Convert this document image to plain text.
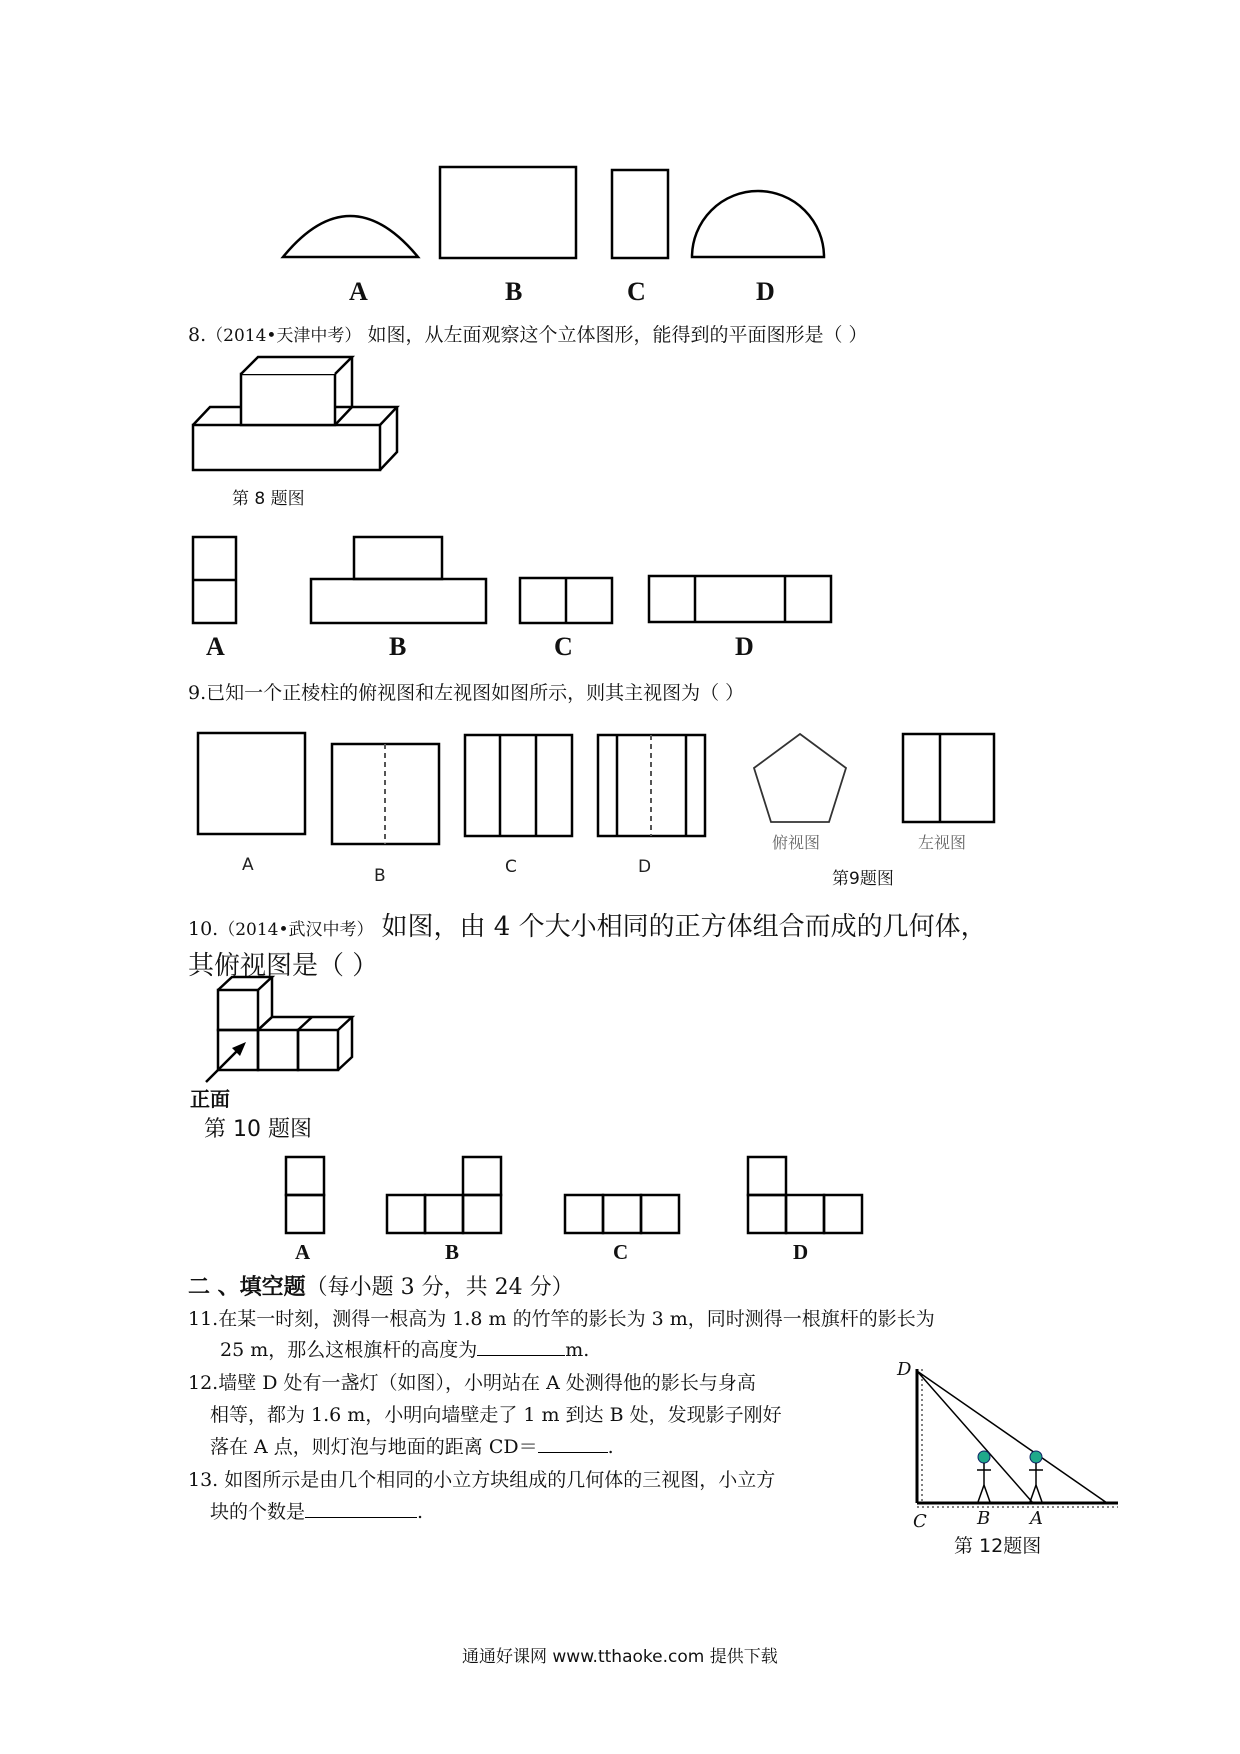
A	B	C	D
8.（2014•天津中考） 如图，从左面观察这个立体图形，能得到的平面图形是（ ）
第 8 题图
A	B	C	D
9.已知一个正棱柱的俯视图和左视图如图所示，则其主视图为（ ）
A
B	C	D
俯视图	左视图
第9题图
10.（2014•武汉中考） 如图，由 4 个大小相同的正方体组合而成的几何体，
其俯视图是（ ）
正面
第 10 题图
A	B	C	D
二 、填空题（每小题 3 分，共 24 分）
11.在某一时刻，测得一根高为 1.8 m 的竹竿的影长为 3 m，同时测得一根旗杆的影长为
25 m，那么这根旗杆的高度为	m.
12.墙壁 D 处有一盏灯（如图），小明站在 A 处测得他的影长与身高
相等，都为 1.6 m，小明向墙壁走了 1 m 到达 B 处，发现影子刚好
落在 A 点，则灯泡与地面的距离 CD＝	.
13. 如图所示是由几个相同的小立方块组成的几何体的三视图，小立方
块的个数是	.
D
C	B A
第 12题图
通通好课网 www.tthaoke.com 提供下载
